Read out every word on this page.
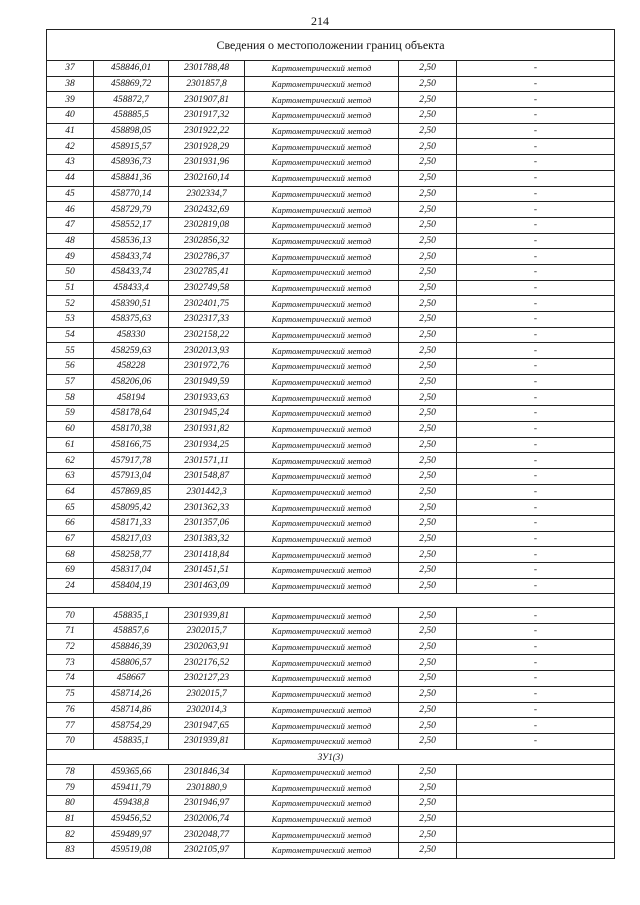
214
Сведения о местоположении границ объекта					
37	458846,01	2301788,48	Картометрический метод	2,50	-
38	458869,72	2301857,8	Картометрический метод	2,50	-
39	458872,7	2301907,81	Картометрический метод	2,50	-
40	458885,5	2301917,32	Картометрический метод	2,50	-
41	458898,05	2301922,22	Картометрический метод	2,50	-
42	458915,57	2301928,29	Картометрический метод	2,50	-
43	458936,73	2301931,96	Картометрический метод	2,50	-
44	458841,36	2302160,14	Картометрический метод	2,50	-
45	458770,14	2302334,7	Картометрический метод	2,50	-
46	458729,79	2302432,69	Картометрический метод	2,50	-
47	458552,17	2302819,08	Картометрический метод	2,50	-
48	458536,13	2302856,32	Картометрический метод	2,50	-
49	458433,74	2302786,37	Картометрический метод	2,50	-
50	458433,74	2302785,41	Картометрический метод	2,50	-
51	458433,4	2302749,58	Картометрический метод	2,50	-
52	458390,51	2302401,75	Картометрический метод	2,50	-
53	458375,63	2302317,33	Картометрический метод	2,50	-
54	458330	2302158,22	Картометрический метод	2,50	-
55	458259,63	2302013,93	Картометрический метод	2,50	-
56	458228	2301972,76	Картометрический метод	2,50	-
57	458206,06	2301949,59	Картометрический метод	2,50	-
58	458194	2301933,63	Картометрический метод	2,50	-
59	458178,64	2301945,24	Картометрический метод	2,50	-
60	458170,38	2301931,82	Картометрический метод	2,50	-
61	458166,75	2301934,25	Картометрический метод	2,50	-
62	457917,78	2301571,11	Картометрический метод	2,50	-
63	457913,04	2301548,87	Картометрический метод	2,50	-
64	457869,85	2301442,3	Картометрический метод	2,50	-
65	458095,42	2301362,33	Картометрический метод	2,50	-
66	458171,33	2301357,06	Картометрический метод	2,50	-
67	458217,03	2301383,32	Картометрический метод	2,50	-
68	458258,77	2301418,84	Картометрический метод	2,50	-
69	458317,04	2301451,51	Картометрический метод	2,50	-
24	458404,19	2301463,09	Картометрический метод	2,50	-

70	458835,1	2301939,81	Картометрический метод	2,50	-
71	458857,6	2302015,7	Картометрический метод	2,50	-
72	458846,39	2302063,91	Картометрический метод	2,50	-
73	458806,57	2302176,52	Картометрический метод	2,50	-
74	458667	2302127,23	Картометрический метод	2,50	-
75	458714,26	2302015,7	Картометрический метод	2,50	-
76	458714,86	2302014,3	Картометрический метод	2,50	-
77	458754,29	2301947,65	Картометрический метод	2,50	-
70	458835,1	2301939,81	Картометрический метод	2,50	-
ЗУ1(3)					
78	459365,66	2301846,34	Картометрический метод	2,50	
79	459411,79	2301880,9	Картометрический метод	2,50	
80	459438,8	2301946,97	Картометрический метод	2,50	
81	459456,52	2302006,74	Картометрический метод	2,50	
82	459489,97	2302048,77	Картометрический метод	2,50	
83	459519,08	2302105,97	Картометрический метод	2,50	
